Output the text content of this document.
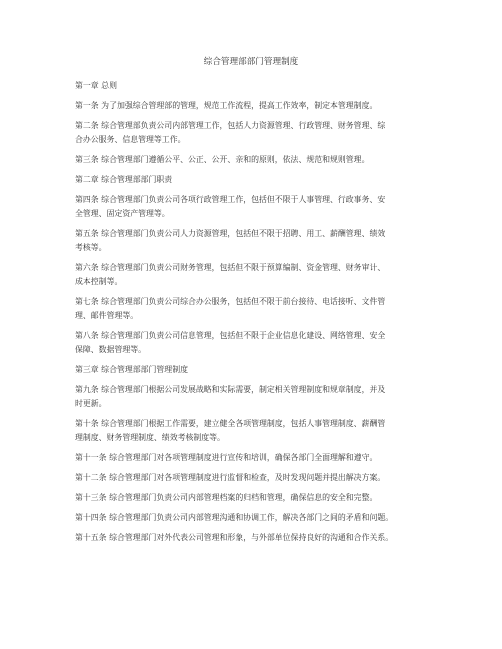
综合管理部部门管理制度
第一章 总则
第一条 为了加强综合管理部的管理，规范工作流程，提高工作效率，制定本管理制度。
第二条 综合管理部负责公司内部管理工作，包括人力资源管理、行政管理、财务管理、综
合办公服务、信息管理等工作。
第三条 综合管理部门遵循公平、公正、公开、亲和的原则，依法、规范和规则管理。
第二章 综合管理部部门职责
第四条 综合管理部门负责公司各项行政管理工作，包括但不限于人事管理、行政事务、安
全管理、固定资产管理等。
第五条 综合管理部门负责公司人力资源管理，包括但不限于招聘、用工、薪酬管理、绩效
考核等。
第六条 综合管理部门负责公司财务管理，包括但不限于预算编制、资金管理、财务审计、
成本控制等。
第七条 综合管理部门负责公司综合办公服务，包括但不限于前台接待、电话接听、文件管
理、邮件管理等。
第八条 综合管理部门负责公司信息管理，包括但不限于企业信息化建设、网络管理、安全
保障、数据管理等。
第三章 综合管理部部门管理制度
第九条 综合管理部门根据公司发展战略和实际需要，制定相关管理制度和规章制度，并及
时更新。
第十条 综合管理部门根据工作需要，建立健全各项管理制度，包括人事管理制度、薪酬管
理制度、财务管理制度、绩效考核制度等。
第十一条 综合管理部门对各项管理制度进行宣传和培训，确保各部门全面理解和遵守。
第十二条 综合管理部门对各项管理制度进行监督和检查，及时发现问题并提出解决方案。
第十三条 综合管理部门负责公司内部管理档案的归档和管理，确保信息的安全和完整。
第十四条 综合管理部门负责公司内部管理沟通和协调工作，解决各部门之间的矛盾和问题。
第十五条 综合管理部门对外代表公司管理和形象，与外部单位保持良好的沟通和合作关系。
